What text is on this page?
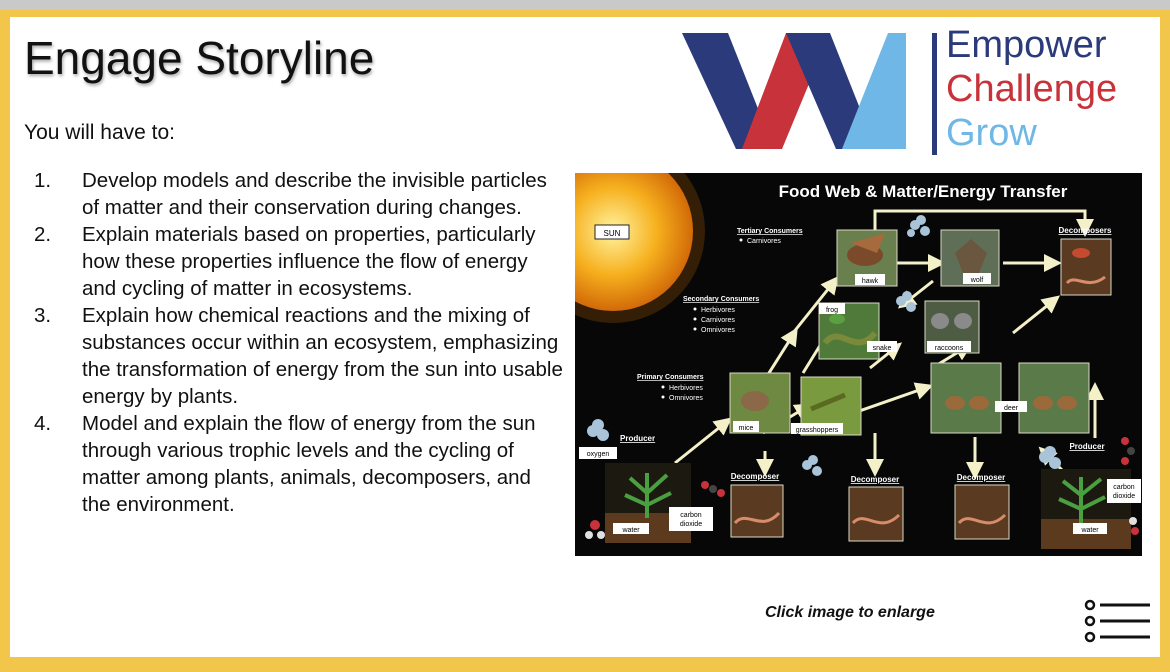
Engage Storyline
You will have to:
1.	Develop models and describe the invisible particles of matter and their conservation during changes.
2.	Explain materials based on properties, particularly how these properties influence the flow of energy and cycling of matter in ecosystems.
3.	Explain how chemical reactions and the mixing of substances occur within an ecosystem, emphasizing the transformation of energy from the sun into usable energy by plants.
4.	Model and explain the flow of energy from the sun through various trophic levels and the cycling of matter among plants, animals, decomposers, and the environment.
Empower
Challenge
Grow
SUN
Food Web & Matter/Energy Transfer
Tertiary Consumers
Carnivores
hawk	wolf
Decomposers
Secondary Consumers
Herbivores
Carnivores
Omnivores
frog
snake	raccoons
Primary Consumers
Herbivores
Omnivores
mice	grasshoppers
deer
Producer
oxygen
water
carbon
dioxide
Decomposer	Decomposer	Decomposer
Producer
carbon
dioxide
water
Click image to enlarge
